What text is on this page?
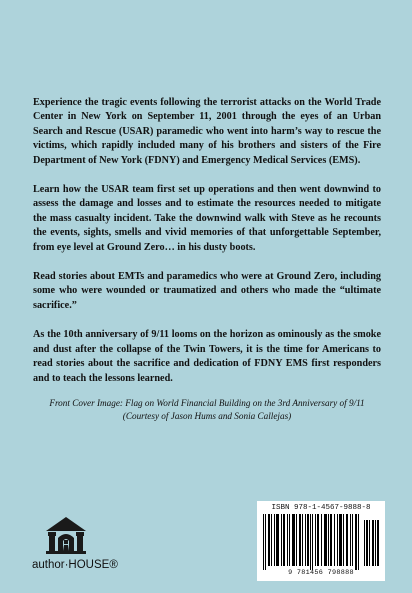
Experience the tragic events following the terrorist attacks on the World Trade Center in New York on September 11, 2001 through the eyes of an Urban Search and Rescue (USAR) paramedic who went into harm’s way to rescue the victims, which rapidly included many of his brothers and sisters of the Fire Department of New York (FDNY) and Emergency Medical Services (EMS).

Learn how the USAR team first set up operations and then went downwind to assess the damage and losses and to estimate the resources needed to mitigate the mass casualty incident. Take the downwind walk with Steve as he recounts the events, sights, smells and vivid memories of that unforgettable September, from eye level at Ground Zero… in his dusty boots.

Read stories about EMTs and paramedics who were at Ground Zero, including some who were wounded or traumatized and others who made the “ultimate sacrifice.”

As the 10th anniversary of 9/11 looms on the horizon as ominously as the smoke and dust after the collapse of the Twin Towers, it is the time for Americans to read stories about the sacrifice and dedication of FDNY EMS first responders and to teach the lessons learned.

Front Cover Image: Flag on World Financial Building on the 3rd Anniversary of 9/11
(Courtesy of Jason Hums and Sonia Callejas)
author·HOUSE®
ISBN 978-1-4567-9888-8
9 781456 798888
